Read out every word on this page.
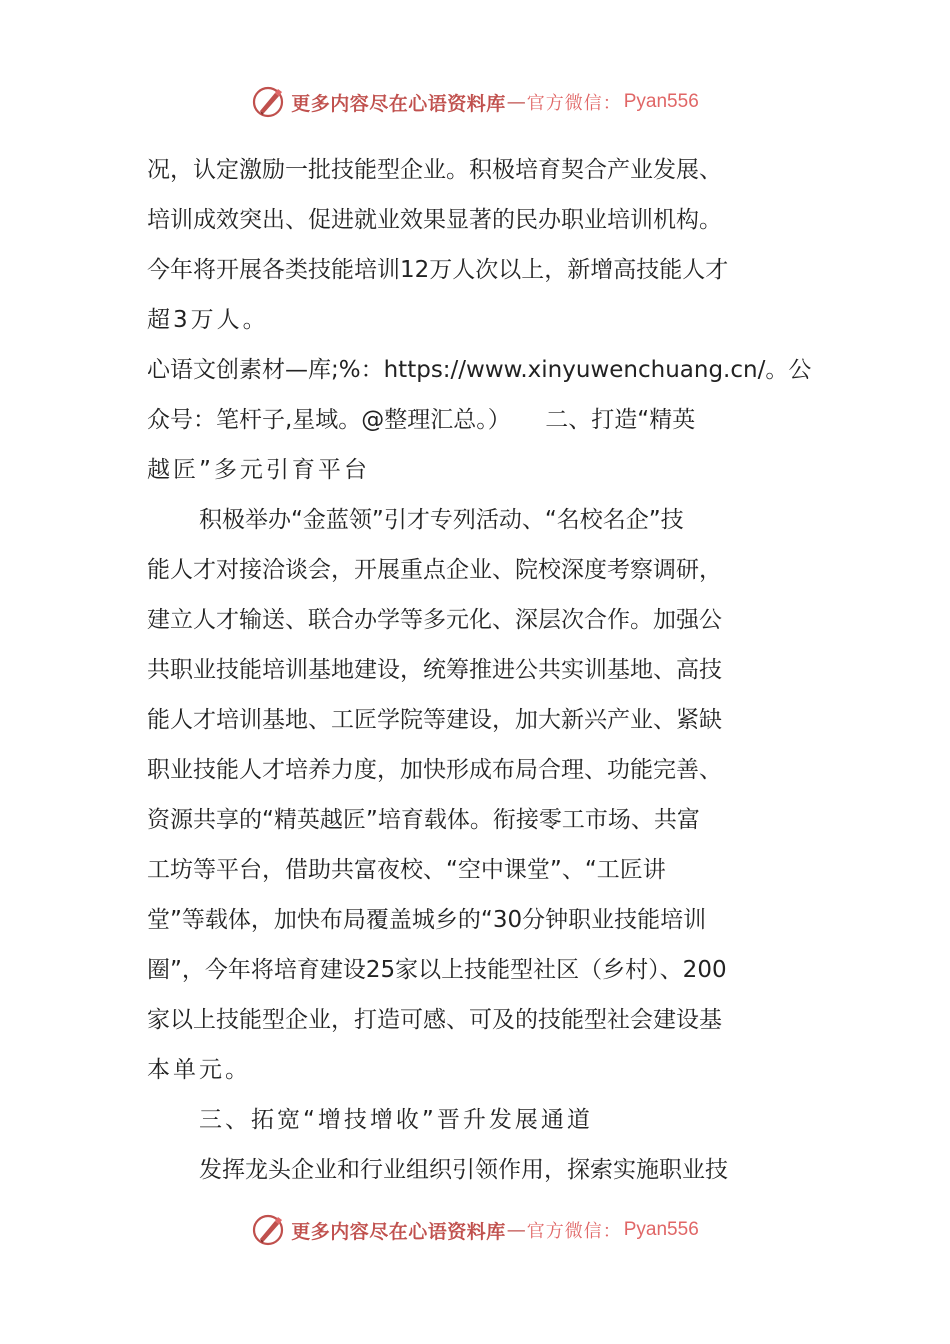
更多内容尽在心语资料库 — 官方微信： Pyan556
况，认定激励一批技能型企业。积极培育契合产业发展、
培训成效突出、促进就业效果显著的民办职业培训机构。
今年将开展各类技能培训12万人次以上，新增高技能人才
超3万人。
心语文创素材—库;%：https://www.xinyuwenchuang.cn/。公
众号：笔杆子,星域。@整理汇总。）　　二、打造“精英
越匠”多元引育平台
积极举办“金蓝领”引才专列活动、“名校名企”技
能人才对接洽谈会，开展重点企业、院校深度考察调研，
建立人才输送、联合办学等多元化、深层次合作。加强公
共职业技能培训基地建设，统筹推进公共实训基地、高技
能人才培训基地、工匠学院等建设，加大新兴产业、紧缺
职业技能人才培养力度，加快形成布局合理、功能完善、
资源共享的“精英越匠”培育载体。衔接零工市场、共富
工坊等平台，借助共富夜校、“空中课堂”、“工匠讲
堂”等载体，加快布局覆盖城乡的“30分钟职业技能培训
圈”，今年将培育建设25家以上技能型社区（乡村）、200
家以上技能型企业，打造可感、可及的技能型社会建设基
本单元。
三、拓宽“增技增收”晋升发展通道
发挥龙头企业和行业组织引领作用，探索实施职业技
更多内容尽在心语资料库 — 官方微信： Pyan556
